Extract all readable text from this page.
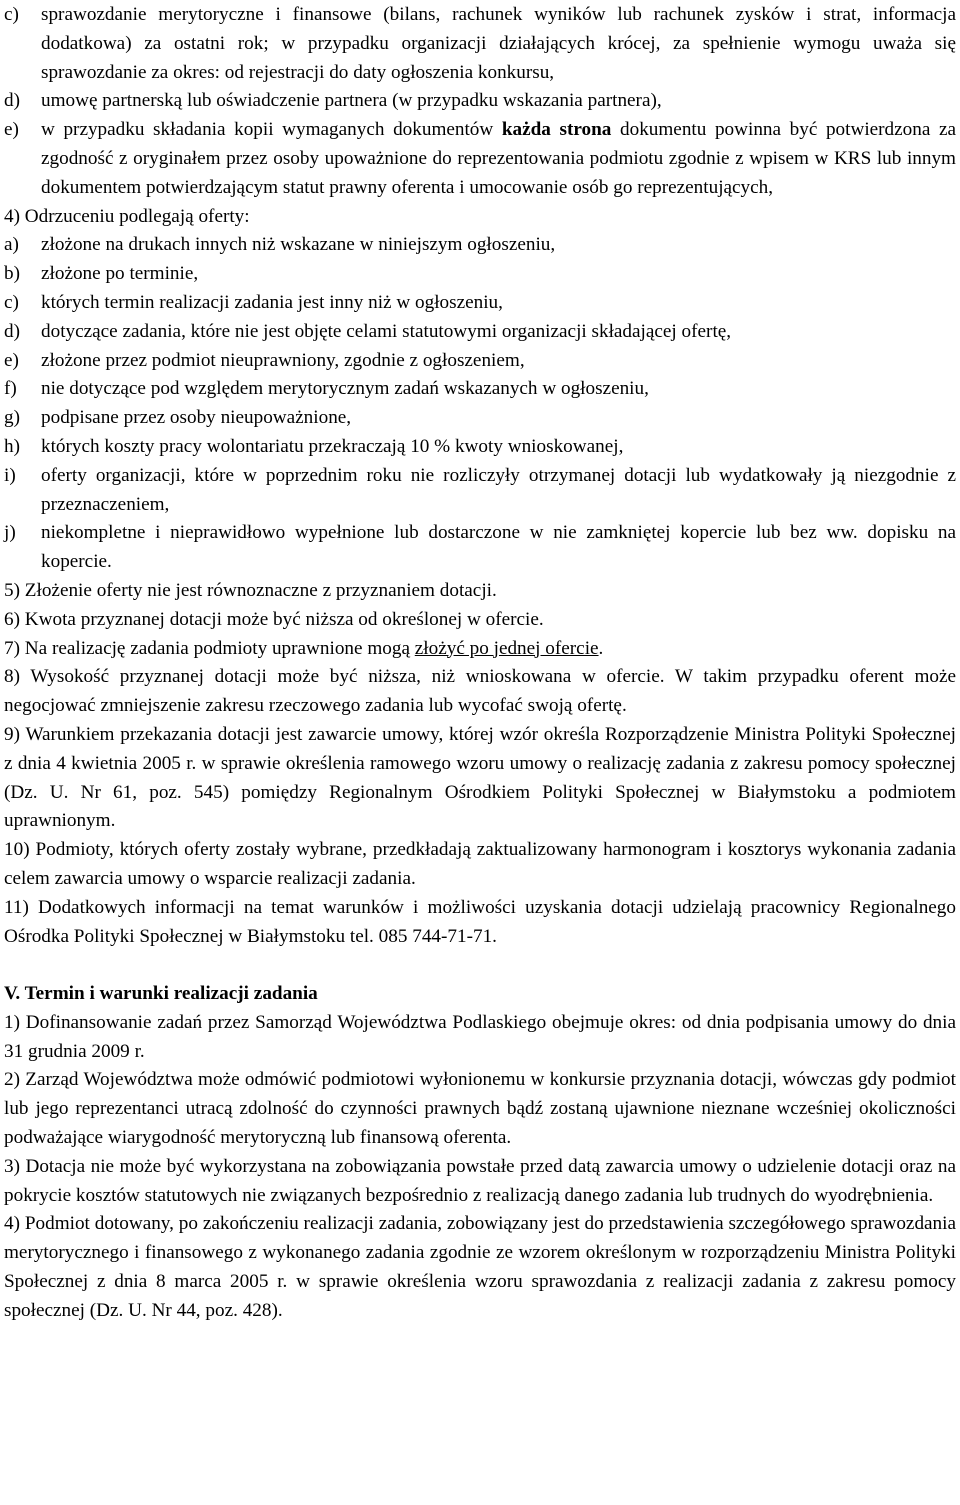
c)	sprawozdanie merytoryczne i finansowe (bilans, rachunek wyników lub rachunek zysków i strat, informacja dodatkowa) za ostatni rok; w przypadku organizacji działających krócej, za spełnienie wymogu uważa się sprawozdanie za okres: od rejestracji do daty ogłoszenia konkursu,
d)	umowę partnerską lub oświadczenie partnera (w przypadku wskazania partnera),
e)	w przypadku składania kopii wymaganych dokumentów każda strona dokumentu powinna być potwierdzona za zgodność z oryginałem przez osoby upoważnione do reprezentowania podmiotu zgodnie z wpisem w KRS lub innym dokumentem potwierdzającym statut prawny oferenta i umocowanie osób go reprezentujących,
4) Odrzuceniu podlegają oferty:
a)	złożone na drukach innych niż wskazane w niniejszym ogłoszeniu,
b)	złożone po terminie,
c)	których termin realizacji zadania jest inny niż w ogłoszeniu,
d)	dotyczące zadania, które nie jest objęte celami statutowymi organizacji składającej ofertę,
e)	złożone przez podmiot nieuprawniony, zgodnie z ogłoszeniem,
f)	nie dotyczące pod względem merytorycznym zadań wskazanych w ogłoszeniu,
g)	podpisane przez osoby nieupoważnione,
h)	których koszty pracy wolontariatu przekraczają 10 % kwoty wnioskowanej,
i)	oferty organizacji, które w poprzednim roku nie rozliczyły otrzymanej dotacji lub wydatkowały ją niezgodnie z przeznaczeniem,
j)	niekompletne i nieprawidłowo wypełnione lub dostarczone w nie zamkniętej kopercie lub bez ww. dopisku na kopercie.
5) Złożenie oferty nie jest równoznaczne z przyznaniem dotacji.
6) Kwota przyznanej dotacji może być niższa od określonej w ofercie.
7) Na realizację zadania podmioty uprawnione mogą złożyć po jednej ofercie.
8) Wysokość przyznanej dotacji może być niższa, niż wnioskowana w ofercie. W takim przypadku oferent może negocjować zmniejszenie zakresu rzeczowego zadania lub wycofać swoją ofertę.
9) Warunkiem przekazania dotacji jest zawarcie umowy, której wzór określa Rozporządzenie Ministra Polityki Społecznej z dnia 4 kwietnia 2005 r. w sprawie określenia ramowego wzoru umowy o realizację zadania z zakresu pomocy społecznej (Dz. U. Nr 61, poz. 545) pomiędzy Regionalnym Ośrodkiem Polityki Społecznej w Białymstoku a podmiotem uprawnionym.
10) Podmioty, których oferty zostały wybrane, przedkładają zaktualizowany harmonogram i kosztorys wykonania zadania celem zawarcia umowy o wsparcie realizacji zadania.
11) Dodatkowych informacji na temat warunków i możliwości uzyskania dotacji udzielają pracownicy Regionalnego Ośrodka Polityki Społecznej w Białymstoku tel. 085 744-71-71.
V. Termin i warunki realizacji zadania
1) Dofinansowanie zadań przez Samorząd Województwa Podlaskiego obejmuje okres: od dnia podpisania umowy do dnia 31 grudnia 2009 r.
2) Zarząd Województwa może odmówić podmiotowi wyłonionemu w konkursie przyznania dotacji, wówczas gdy podmiot lub jego reprezentanci utracą zdolność do czynności prawnych bądź zostaną ujawnione nieznane wcześniej okoliczności podważające wiarygodność merytoryczną lub finansową oferenta.
3) Dotacja nie może być wykorzystana na zobowiązania powstałe przed datą zawarcia umowy o udzielenie dotacji oraz na pokrycie kosztów statutowych nie związanych bezpośrednio z realizacją danego zadania lub trudnych do wyodrębnienia.
4) Podmiot dotowany, po zakończeniu realizacji zadania, zobowiązany jest do przedstawienia szczegółowego sprawozdania merytorycznego i finansowego z wykonanego zadania zgodnie ze wzorem określonym w rozporządzeniu Ministra Polityki Społecznej z dnia 8 marca 2005 r. w sprawie określenia wzoru sprawozdania z realizacji zadania z zakresu pomocy społecznej (Dz. U. Nr 44, poz. 428).
